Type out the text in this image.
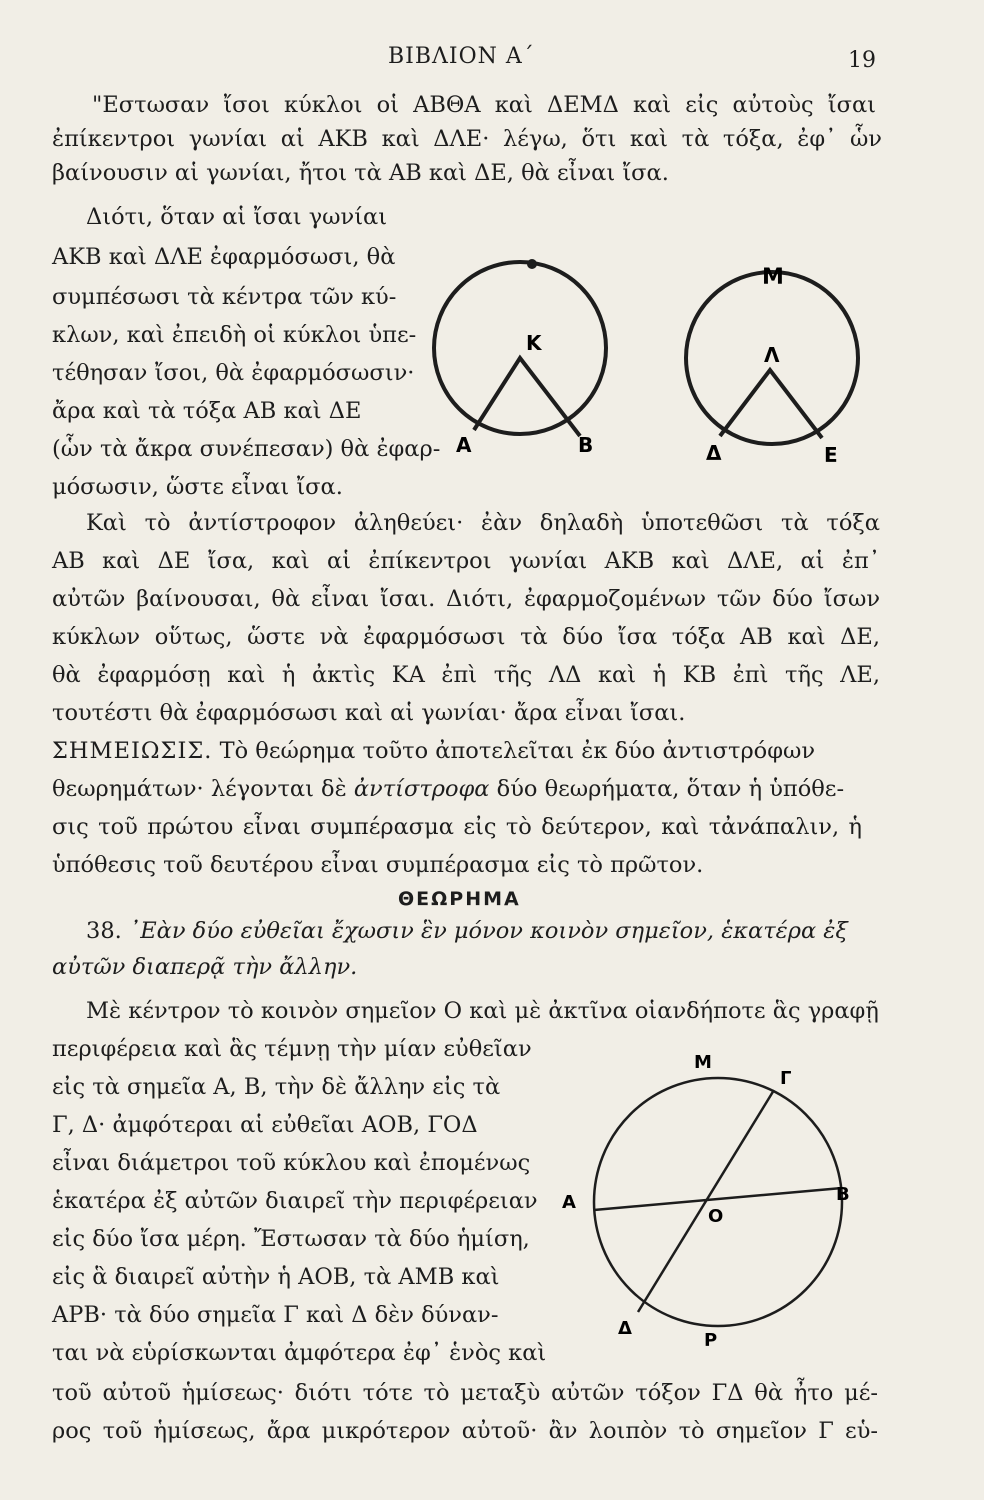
ΒΙΒΛΙΟΝ Α΄	19
"Εστωσαν ἴσοι κύκλοι οἱ ΑΒΘΑ καὶ ΔΕΜΔ καὶ εἰς αὐτοὺς ἴσαι
ἐπίκεντροι γωνίαι αἱ ΑΚΒ καὶ ΔΛΕ· λέγω, ὅτι καὶ τὰ τόξα, ἐφ᾽ ὧν
βαίνουσιν αἱ γωνίαι, ἤτοι τὰ ΑΒ καὶ ΔΕ, θὰ εἶναι ἴσα.
Διότι, ὅταν αἱ ἴσαι γωνίαι
ΑΚΒ καὶ ΔΛΕ ἐφαρμόσωσι, θὰ
συμπέσωσι τὰ κέντρα τῶν κύ-
κλων, καὶ ἐπειδὴ οἱ κύκλοι ὑπε-
τέθησαν ἴσοι, θὰ ἐφαρμόσωσιν·
ἄρα καὶ τὰ τόξα ΑΒ καὶ ΔΕ
(ὧν τὰ ἄκρα συνέπεσαν) θὰ ἐφαρ-
μόσωσιν, ὥστε εἶναι ἴσα.
Κ
Α	Β
Μ
Λ
Δ	Ε
Καὶ τὸ ἀντίστροφον ἀληθεύει· ἐὰν δηλαδὴ ὑποτεθῶσι τὰ τόξα
ΑΒ καὶ ΔΕ ἴσα, καὶ αἱ ἐπίκεντροι γωνίαι ΑΚΒ καὶ ΔΛΕ, αἱ ἐπ᾽
αὐτῶν βαίνουσαι, θὰ εἶναι ἴσαι. Διότι, ἐφαρμοζομένων τῶν δύο ἴσων
κύκλων οὕτως, ὥστε νὰ ἐφαρμόσωσι τὰ δύο ἴσα τόξα ΑΒ καὶ ΔΕ,
θὰ ἐφαρμόσῃ καὶ ἡ ἀκτὶς ΚΑ ἐπὶ τῆς ΛΔ καὶ ἡ ΚΒ ἐπὶ τῆς ΛΕ,
τουτέστι θὰ ἐφαρμόσωσι καὶ αἱ γωνίαι· ἄρα εἶναι ἴσαι.
ΣΗΜΕΙΩΣΙΣ. Τὸ θεώρημα τοῦτο ἀποτελεῖται ἐκ δύο ἀντιστρόφων
θεωρημάτων· λέγονται δὲ ἀντίστροφα δύο θεωρήματα, ὅταν ἡ ὑπόθε-
σις τοῦ πρώτου εἶναι συμπέρασμα εἰς τὸ δεύτερον, καὶ τἀνάπαλιν, ἡ
ὑπόθεσις τοῦ δευτέρου εἶναι συμπέρασμα εἰς τὸ πρῶτον.
ΘΕΩΡΗΜΑ
38. ᾽Εὰν δύο εὐθεῖαι ἔχωσιν ἓν μόνον κοινὸν σημεῖον, ἑκατέρα ἐξ
αὐτῶν διαπερᾷ τὴν ἄλλην.
Μὲ κέντρον τὸ κοινὸν σημεῖον Ο καὶ μὲ ἀκτῖνα οἱανδήποτε ἃς γραφῇ
περιφέρεια καὶ ἃς τέμνῃ τὴν μίαν εὐθεῖαν
εἰς τὰ σημεῖα Α, Β, τὴν δὲ ἄλλην εἰς τὰ
Γ, Δ· ἀμφότεραι αἱ εὐθεῖαι ΑΟΒ, ΓΟΔ
εἶναι διάμετροι τοῦ κύκλου καὶ ἐπομένως
ἑκατέρα ἐξ αὐτῶν διαιρεῖ τὴν περιφέρειαν
εἰς δύο ἴσα μέρη. Ἔστωσαν τὰ δύο ἡμίση,
εἰς ἃ διαιρεῖ αὐτὴν ἡ ΑΟΒ, τὰ ΑΜΒ καὶ
ΑΡΒ· τὰ δύο σημεῖα Γ καὶ Δ δὲν δύναν-
ται νὰ εὑρίσκωνται ἀμφότερα ἐφ᾽ ἑνὸς καὶ
Μ
Γ
Α	Β
Ο
Δ
Ρ
τοῦ αὐτοῦ ἡμίσεως· διότι τότε τὸ μεταξὺ αὐτῶν τόξον ΓΔ θὰ ἦτο μέ-
ρος τοῦ ἡμίσεως, ἄρα μικρότερον αὐτοῦ· ἂν λοιπὸν τὸ σημεῖον Γ εὑ-
